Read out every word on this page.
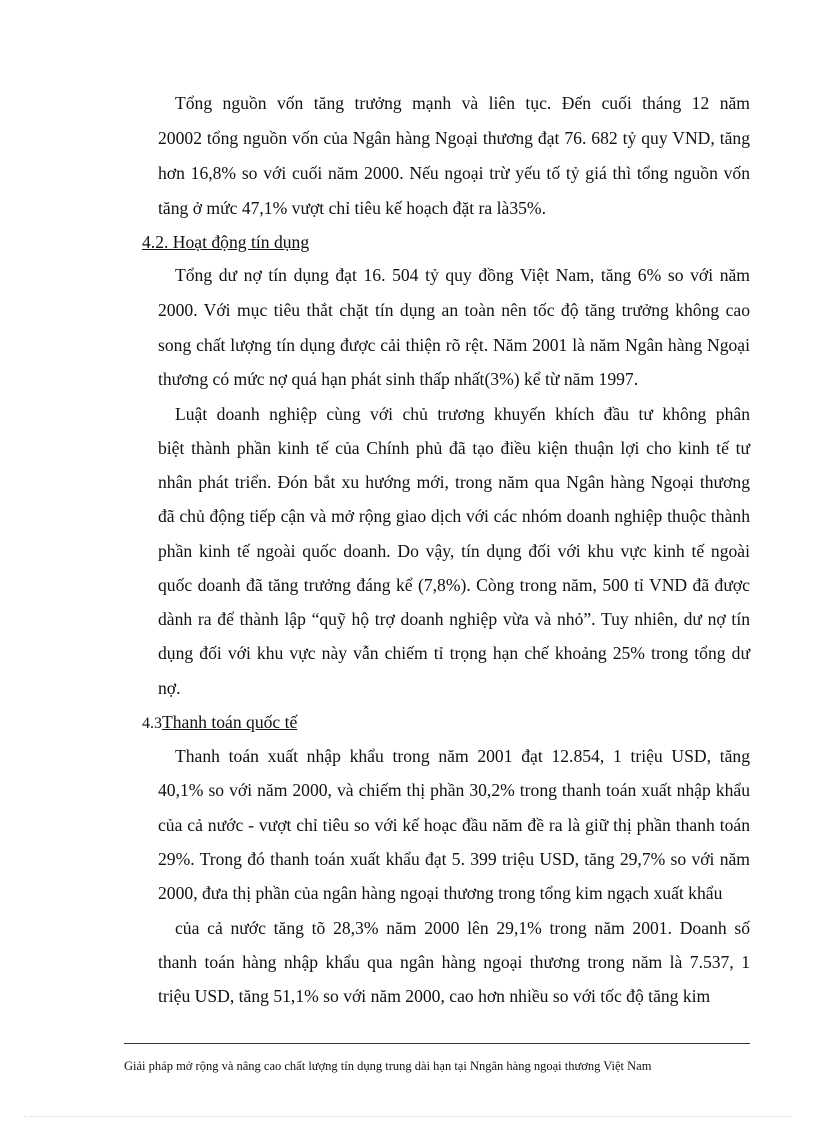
Tổng nguồn vốn tăng trưởng mạnh và liên tục. Đến cuối tháng 12 năm
20002 tổng nguồn vốn của Ngân hàng Ngoại thương đạt 76. 682 tỷ quy VND, tăng
hơn 16,8% so với cuối năm 2000. Nếu ngoại trừ yếu tố tỷ giá thì tổng nguồn vốn
tăng ở mức 47,1% vượt chỉ tiêu kế hoạch đặt ra là35%.
4.2. Hoạt động tín dụng
Tổng dư nợ tín dụng đạt 16. 504 tỷ quy đồng Việt Nam, tăng 6% so với năm
2000. Với mục tiêu thắt chặt tín dụng an toàn nên tốc độ tăng trưởng không cao
song chất lượng tín dụng được cải thiện rõ rệt. Năm 2001 là năm Ngân hàng Ngoại
thương có mức nợ quá hạn phát sinh thấp nhất(3%) kể từ năm 1997.
Luật doanh nghiệp cùng với chủ trương khuyến khích đầu tư không phân
biệt thành phần kinh tế của Chính phủ đã tạo điều kiện thuận lợi cho kinh tế tư
nhân phát triển. Đón bắt xu hướng mới, trong năm qua Ngân hàng Ngoại thương
đã chủ động tiếp cận và mở rộng giao dịch với các nhóm doanh nghiệp thuộc thành
phần kinh tế ngoài quốc doanh. Do vậy, tín dụng đối với khu vực kinh tế ngoài
quốc doanh đã tăng trưởng đáng kể (7,8%). Còng trong năm, 500 tỉ VND đã được
dành ra để thành lập “quỹ hộ trợ doanh nghiệp vừa và nhỏ”. Tuy nhiên, dư nợ tín
dụng đối với khu vực này vẫn chiếm tỉ trọng hạn chế khoảng 25% trong tổng dư
nợ.
4.3Thanh toán quốc tế
Thanh toán xuất nhập khẩu trong năm 2001 đạt 12.854, 1 triệu USD, tăng
40,1% so với năm 2000, và chiếm thị phần 30,2% trong thanh toán xuất nhập khẩu
của cả nước - vượt chỉ tiêu so với kế hoạc đầu năm đề ra là giữ thị phần thanh toán
29%. Trong đó thanh toán xuất khẩu đạt 5. 399 triệu USD, tăng 29,7% so với năm
2000, đưa thị phần của ngân hàng ngoại thương trong tổng kim ngạch xuất khẩu
của cả nước tăng tõ 28,3% năm 2000 lên 29,1% trong năm 2001. Doanh số
thanh toán hàng nhập khẩu qua ngân hàng ngoại thương trong năm là 7.537, 1
triệu USD, tăng 51,1% so với năm 2000, cao hơn nhiều so với tốc độ tăng kim
Giải pháp mở rộng và nâng cao chất lượng tín dụng trung dài hạn tại Nngân hàng ngoại thương Việt Nam
